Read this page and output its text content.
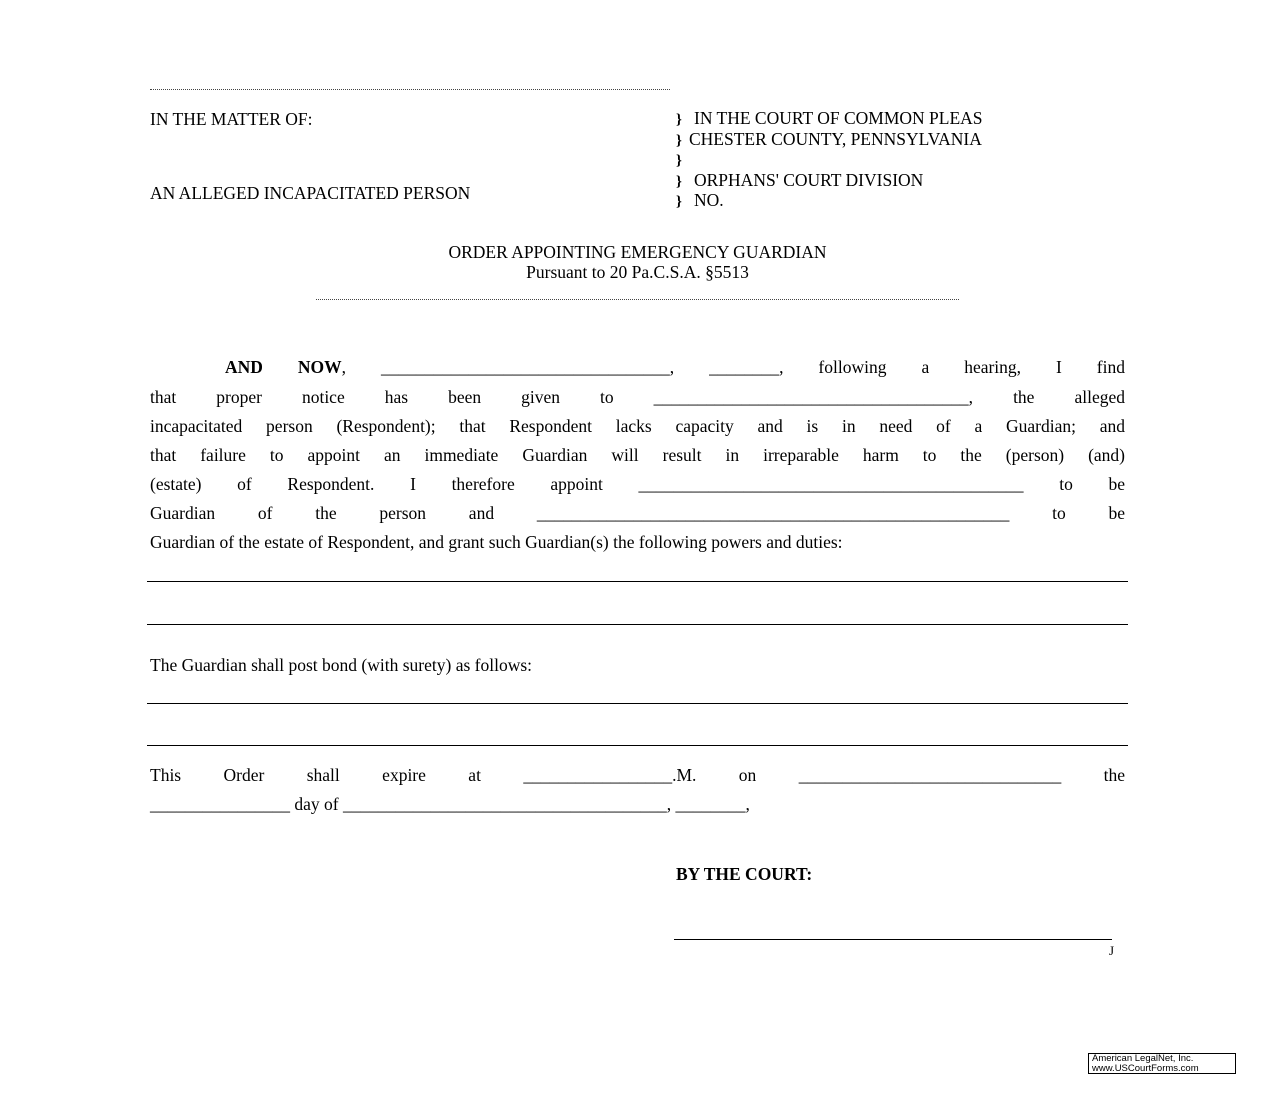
IN THE MATTER OF:
AN ALLEGED INCAPACITATED PERSON
} IN THE COURT OF COMMON PLEAS
} CHESTER COUNTY, PENNSYLVANIA
}
} ORPHANS' COURT DIVISION
} NO.
ORDER APPOINTING EMERGENCY GUARDIAN
Pursuant to 20 Pa.C.S.A. §5513
AND NOW, _________________________________, ________, following a hearing, I find
that proper notice has been given to ____________________________________, the alleged
incapacitated person (Respondent); that Respondent lacks capacity and is in need of a Guardian; and
that failure to appoint an immediate Guardian will result in irreparable harm to the (person) (and)
(estate) of Respondent. I therefore appoint ____________________________________________ to be
Guardian of the person and ______________________________________________________ to be
Guardian of the estate of Respondent, and grant such Guardian(s) the following powers and duties:
The Guardian shall post bond (with surety) as follows:
This Order shall expire at _________________.M. on ______________________________ the
________________ day of _____________________________________, ________,
BY THE COURT:
J
American LegalNet, Inc.
www.USCourtForms.com
